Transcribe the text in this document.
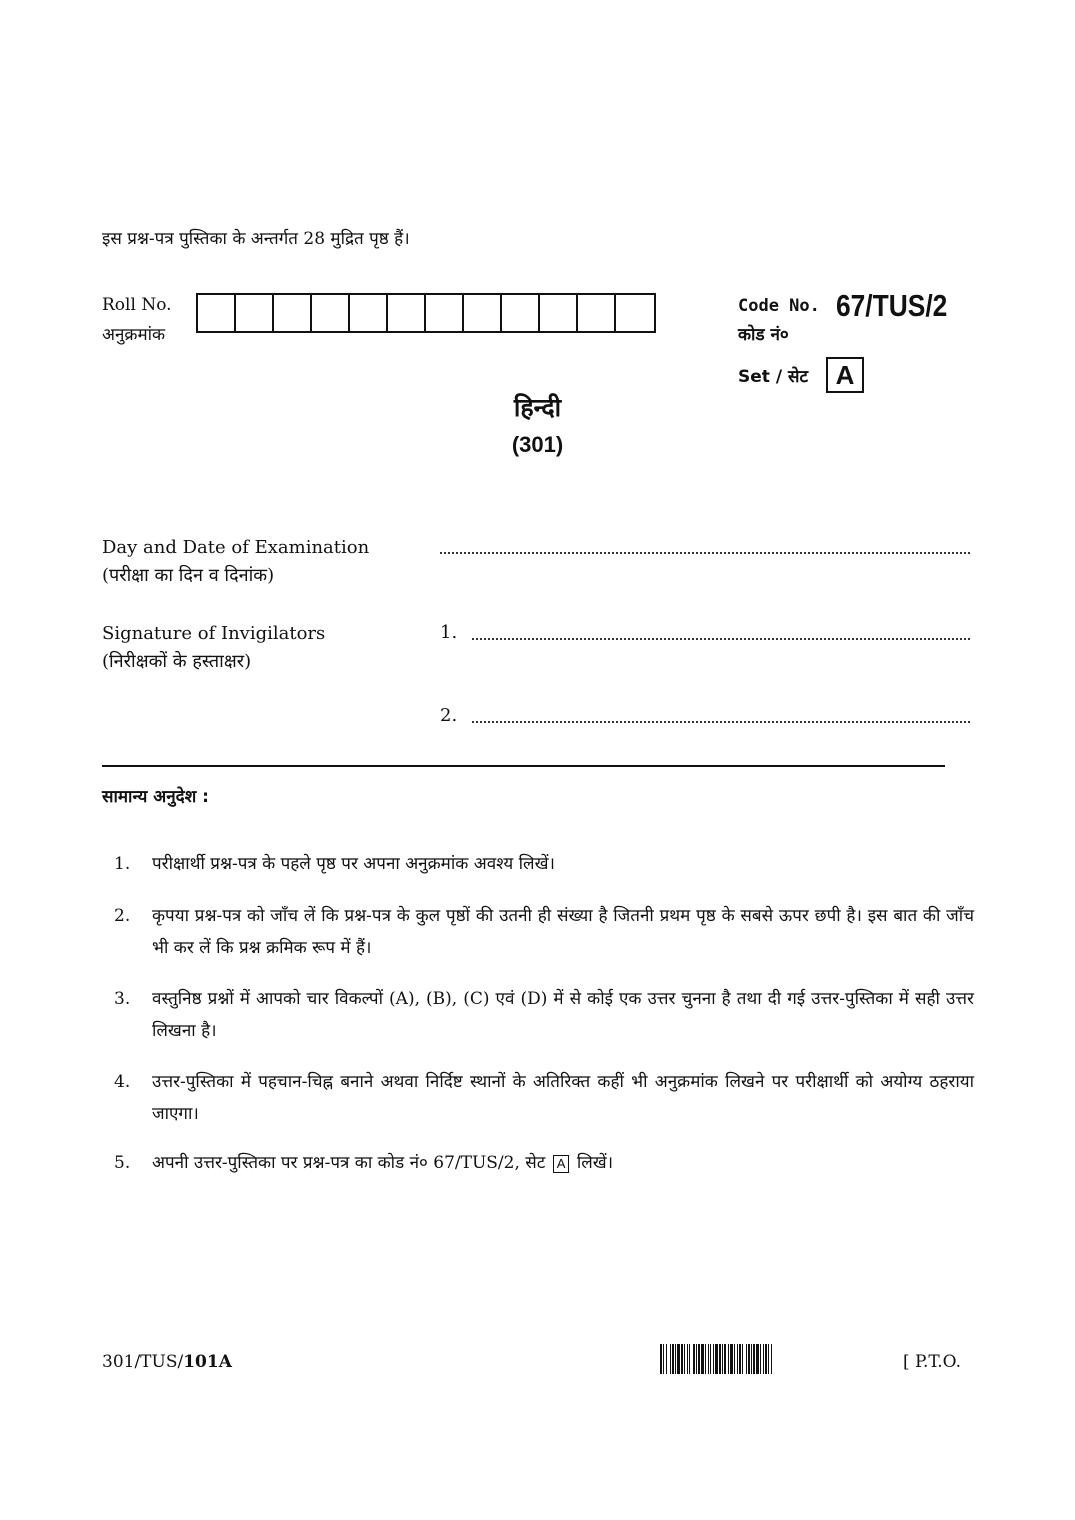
इस प्रश्न-पत्र पुस्तिका के अन्तर्गत 28 मुद्रित पृष्ठ हैं।
Roll No.
अनुक्रमांक
Code No. 67/TUS/2
कोड नं०
Set / सेट	A
हिन्दी
(301)
Day and Date of Examination
(परीक्षा का दिन व दिनांक)
Signature of Invigilators
(निरीक्षकों के हस्ताक्षर)
1.
2.
सामान्य अनुदेश :
1.	परीक्षार्थी प्रश्न-पत्र के पहले पृष्ठ पर अपना अनुक्रमांक अवश्य लिखें।
2.	कृपया प्रश्न-पत्र को जाँच लें कि प्रश्न-पत्र के कुल पृष्ठों की उतनी ही संख्या है जितनी प्रथम पृष्ठ के सबसे ऊपर छपी है। इस बात की जाँच भी कर लें कि प्रश्न क्रमिक रूप में हैं।
3.	वस्तुनिष्ठ प्रश्नों में आपको चार विकल्पों (A), (B), (C) एवं (D) में से कोई एक उत्तर चुनना है तथा दी गई उत्तर-पुस्तिका में सही उत्तर लिखना है।
4.	उत्तर-पुस्तिका में पहचान-चिह्न बनाने अथवा निर्दिष्ट स्थानों के अतिरिक्त कहीं भी अनुक्रमांक लिखने पर परीक्षार्थी को अयोग्य ठहराया जाएगा।
5.	अपनी उत्तर-पुस्तिका पर प्रश्न-पत्र का कोड नं० 67/TUS/2, सेट A लिखें।
301/TUS/101A	[ P.T.O.
